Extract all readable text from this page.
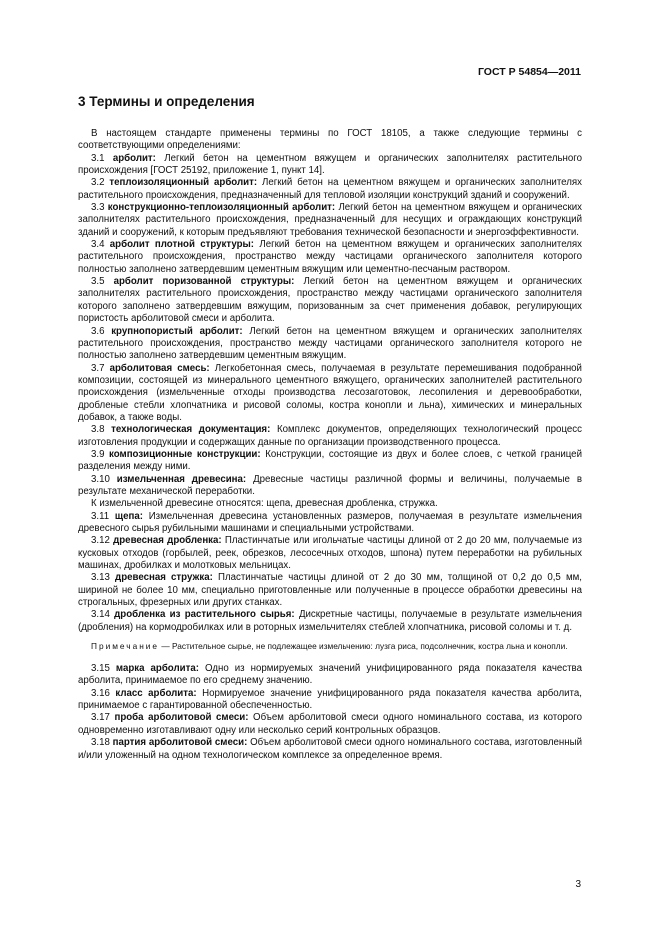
ГОСТ Р 54854—2011
3 Термины и определения

В настоящем стандарте применены термины по ГОСТ 18105, а также следующие термины с соответствующими определениями:

3.1 арболит: Легкий бетон на цементном вяжущем и органических заполнителях растительного происхождения [ГОСТ 25192, приложение 1, пункт 14].

3.2 теплоизоляционный арболит: Легкий бетон на цементном вяжущем и органических заполнителях растительного происхождения, предназначенный для тепловой изоляции конструкций зданий и сооружений.

3.3 конструкционно-теплоизоляционный арболит: Легкий бетон на цементном вяжущем и органических заполнителях растительного происхождения, предназначенный для несущих и ограждающих конструкций зданий и сооружений, к которым предъявляют требования технической безопасности и энергоэффективности.

3.4 арболит плотной структуры: Легкий бетон на цементном вяжущем и органических заполнителях растительного происхождения, пространство между частицами органического заполнителя которого полностью заполнено затвердевшим цементным вяжущим или цементно-песчаным раствором.

3.5 арболит поризованной структуры: Легкий бетон на цементном вяжущем и органических заполнителях растительного происхождения, пространство между частицами органического заполнителя которого заполнено затвердевшим вяжущим, поризованным за счет применения добавок, регулирующих пористость арболитовой смеси и арболита.

3.6 крупнопористый арболит: Легкий бетон на цементном вяжущем и органических заполнителях растительного происхождения, пространство между частицами органического заполнителя которого не полностью заполнено затвердевшим цементным вяжущим.

3.7 арболитовая смесь: Легкобетонная смесь, получаемая в результате перемешивания подобранной композиции, состоящей из минерального цементного вяжущего, органических заполнителей растительного происхождения (измельченные отходы производства лесозаготовок, лесопиления и деревообработки, дробленые стебли хлопчатника и рисовой соломы, костра конопли и льна), химических и минеральных добавок, а также воды.

3.8 технологическая документация: Комплекс документов, определяющих технологический процесс изготовления продукции и содержащих данные по организации производственного процесса.

3.9 композиционные конструкции: Конструкции, состоящие из двух и более слоев, с четкой границей разделения между ними.

3.10 измельченная древесина: Древесные частицы различной формы и величины, получаемые в результате механической переработки.

К измельченной древесине относятся: щепа, древесная дробленка, стружка.

3.11 щепа: Измельченная древесина установленных размеров, получаемая в результате измельчения древесного сырья рубильными машинами и специальными устройствами.

3.12 древесная дробленка: Пластинчатые или игольчатые частицы длиной от 2 до 20 мм, получаемые из кусковых отходов (горбылей, реек, обрезков, лесосечных отходов, шпона) путем переработки на рубильных машинах, дробилках и молотковых мельницах.

3.13 древесная стружка: Пластинчатые частицы длиной от 2 до 30 мм, толщиной от 0,2 до 0,5 мм, шириной не более 10 мм, специально приготовленные или полученные в процессе обработки древесины на строгальных, фрезерных или других станках.

3.14 дробленка из растительного сырья: Дискретные частицы, получаемые в результате измельчения (дробления) на кормодробилках или в роторных измельчителях стеблей хлопчатника, рисовой соломы и т. д.

Примечание — Растительное сырье, не подлежащее измельчению: лузга риса, подсолнечник, костра льна и конопли.

3.15 марка арболита: Одно из нормируемых значений унифицированного ряда показателя качества арболита, принимаемое по его среднему значению.

3.16 класс арболита: Нормируемое значение унифицированного ряда показателя качества арболита, принимаемое с гарантированной обеспеченностью.

3.17 проба арболитовой смеси: Объем арболитовой смеси одного номинального состава, из которого одновременно изготавливают одну или несколько серий контрольных образцов.

3.18 партия арболитовой смеси: Объем арболитовой смеси одного номинального состава, изготовленный и/или уложенный на одном технологическом комплексе за определенное время.

3
